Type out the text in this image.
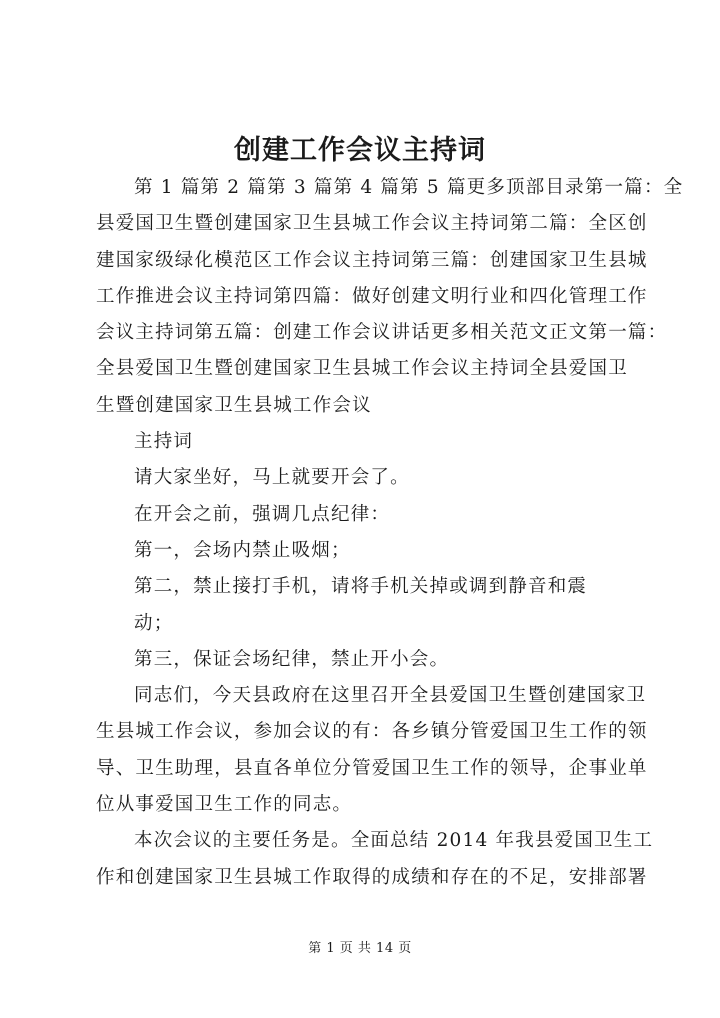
创建工作会议主持词
第 1 篇第 2 篇第 3 篇第 4 篇第 5 篇更多顶部目录第一篇：全
县爱国卫生暨创建国家卫生县城工作会议主持词第二篇：全区创
建国家级绿化模范区工作会议主持词第三篇：创建国家卫生县城
工作推进会议主持词第四篇：做好创建文明行业和四化管理工作
会议主持词第五篇：创建工作会议讲话更多相关范文正文第一篇：
全县爱国卫生暨创建国家卫生县城工作会议主持词全县爱国卫
生暨创建国家卫生县城工作会议
主持词
请大家坐好，马上就要开会了。
在开会之前，强调几点纪律：
第一，会场内禁止吸烟；
第二，禁止接打手机，请将手机关掉或调到静音和震
动；
第三，保证会场纪律，禁止开小会。
同志们，今天县政府在这里召开全县爱国卫生暨创建国家卫
生县城工作会议，参加会议的有：各乡镇分管爱国卫生工作的领
导、卫生助理，县直各单位分管爱国卫生工作的领导，企事业单
位从事爱国卫生工作的同志。
本次会议的主要任务是。全面总结 2014 年我县爱国卫生工
作和创建国家卫生县城工作取得的成绩和存在的不足，安排部署
第 1 页 共 14 页
